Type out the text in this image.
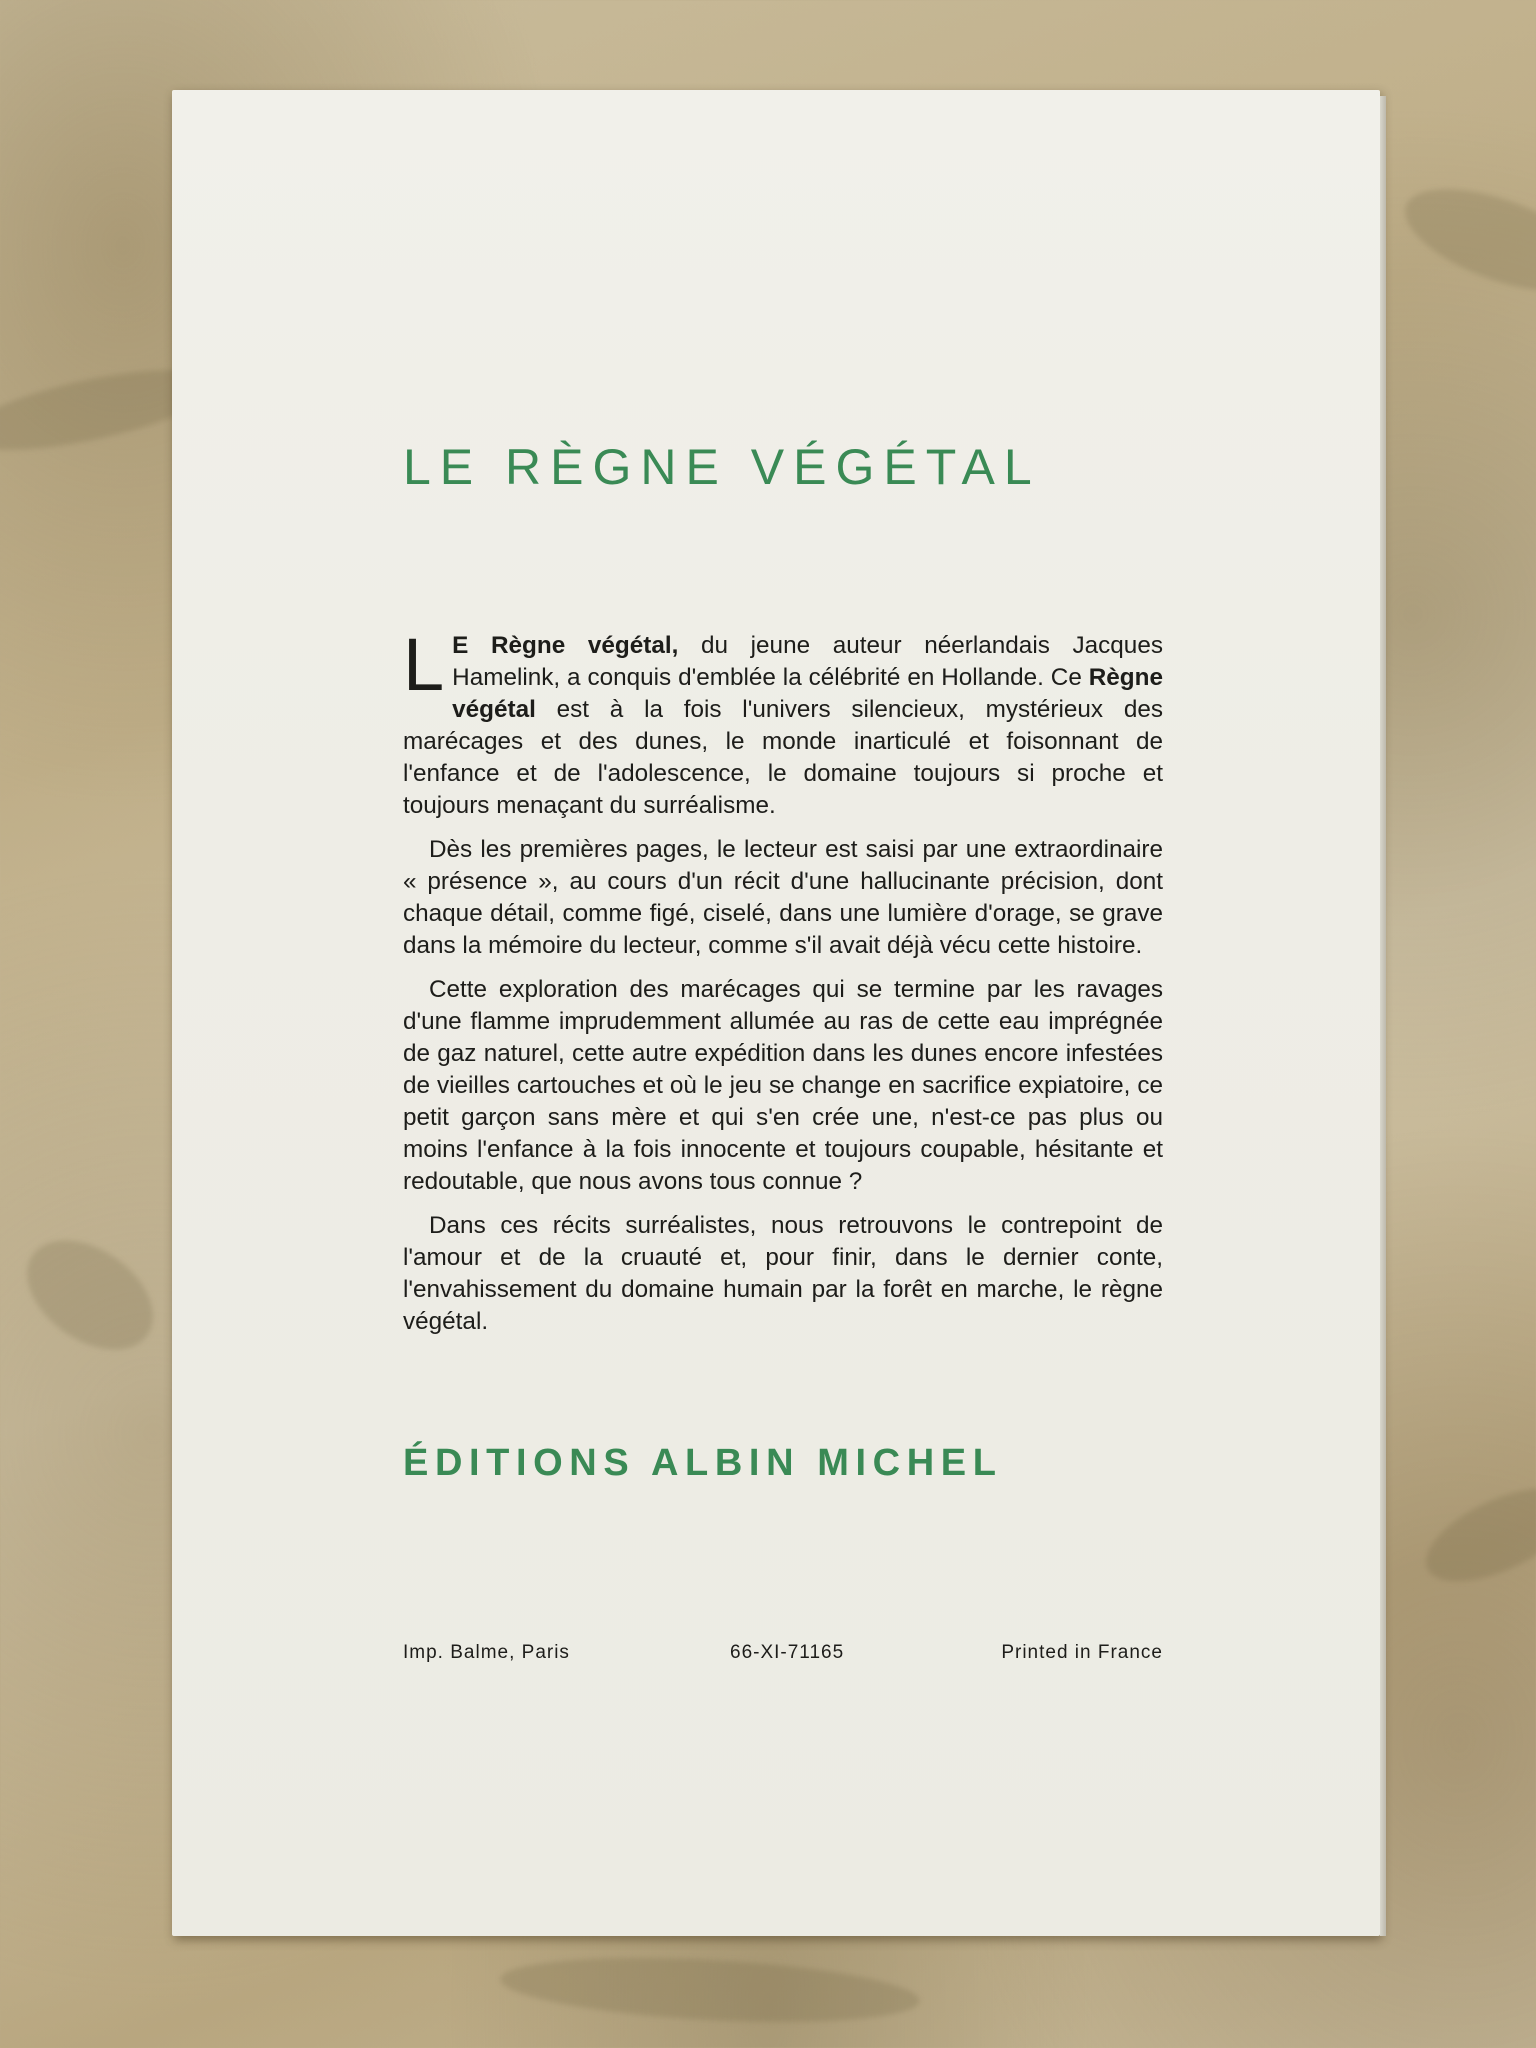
LE RÈGNE VÉGÉTAL

L E Règne végétal, du jeune auteur néerlandais Jacques Hamelink, a conquis d'emblée la célébrité en Hollande. Ce Règne végétal est à la fois l'univers silencieux, mystérieux des marécages et des dunes, le monde inarticulé et foisonnant de l'enfance et de l'adolescence, le domaine toujours si proche et toujours menaçant du surréalisme.

Dès les premières pages, le lecteur est saisi par une extraordinaire « présence », au cours d'un récit d'une hallucinante précision, dont chaque détail, comme figé, ciselé, dans une lumière d'orage, se grave dans la mémoire du lecteur, comme s'il avait déjà vécu cette histoire.

Cette exploration des marécages qui se termine par les ravages d'une flamme imprudemment allumée au ras de cette eau imprégnée de gaz naturel, cette autre expédition dans les dunes encore infestées de vieilles cartouches et où le jeu se change en sacrifice expiatoire, ce petit garçon sans mère et qui s'en crée une, n'est-ce pas plus ou moins l'enfance à la fois innocente et toujours coupable, hésitante et redoutable, que nous avons tous connue ?

Dans ces récits surréalistes, nous retrouvons le contrepoint de l'amour et de la cruauté et, pour finir, dans le dernier conte, l'envahissement du domaine humain par la forêt en marche, le règne végétal.

ÉDITIONS ALBIN MICHEL
Imp. Balme, Paris	66-XI-71165	Printed in France
